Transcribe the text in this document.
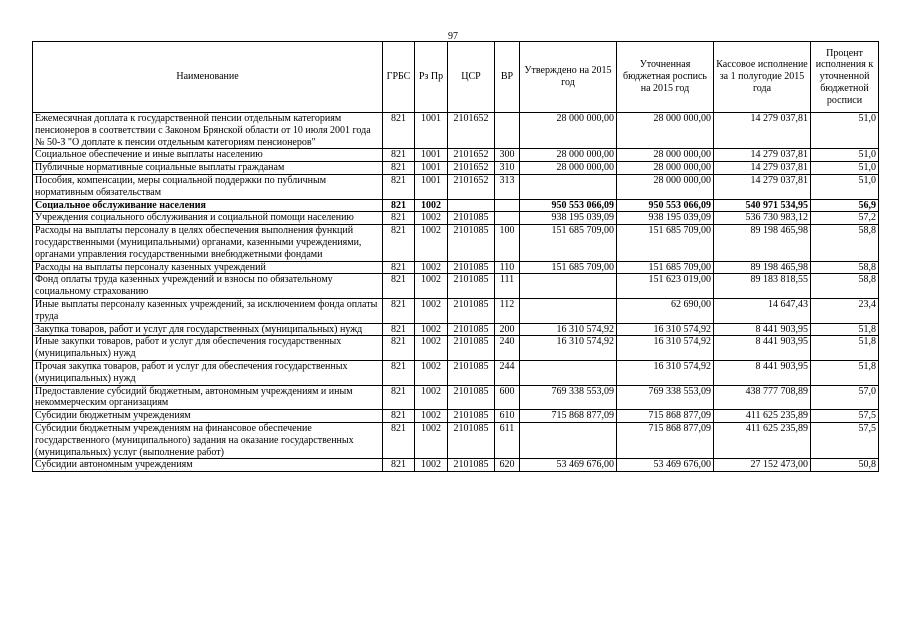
97
Наименование	ГРБС	Рз Пр	ЦСР	ВР	Утверждено на 2015 год	Уточненная бюджетная роспись на 2015 год	Кассовое исполнение за 1 полугодие 2015 года	Процент исполнения к уточненной бюджетной росписи
Ежемесячная доплата к государственной пенсии отдельным категориям пенсионеров в соответствии с Законом Брянской области от 10 июля 2001 года № 50-З "О доплате к пенсии отдельным категориям пенсионеров"	821	1001	2101652		28 000 000,00	28 000 000,00	14 279 037,81	51,0
Социальное обеспечение и иные выплаты населению	821	1001	2101652	300	28 000 000,00	28 000 000,00	14 279 037,81	51,0
Публичные нормативные социальные выплаты гражданам	821	1001	2101652	310	28 000 000,00	28 000 000,00	14 279 037,81	51,0
Пособия, компенсации, меры социальной поддержки по публичным нормативным обязательствам	821	1001	2101652	313		28 000 000,00	14 279 037,81	51,0
Социальное обслуживание населения	821	1002			950 553 066,09	950 553 066,09	540 971 534,95	56,9
Учреждения социального обслуживания и социальной помощи населению	821	1002	2101085		938 195 039,09	938 195 039,09	536 730 983,12	57,2
Расходы на выплаты персоналу в целях обеспечения выполнения функций государственными (муниципальными) органами, казенными учреждениями, органами управления государственными внебюджетными фондами	821	1002	2101085	100	151 685 709,00	151 685 709,00	89 198 465,98	58,8
Расходы на выплаты персоналу казенных учреждений	821	1002	2101085	110	151 685 709,00	151 685 709,00	89 198 465,98	58,8
Фонд оплаты труда казенных учреждений и взносы по обязательному социальному страхованию	821	1002	2101085	111		151 623 019,00	89 183 818,55	58,8
Иные выплаты персоналу казенных учреждений, за исключением фонда оплаты труда	821	1002	2101085	112		62 690,00	14 647,43	23,4
Закупка товаров, работ и услуг для государственных (муниципальных) нужд	821	1002	2101085	200	16 310 574,92	16 310 574,92	8 441 903,95	51,8
Иные закупки товаров, работ и услуг для обеспечения государственных (муниципальных) нужд	821	1002	2101085	240	16 310 574,92	16 310 574,92	8 441 903,95	51,8
Прочая закупка товаров, работ и услуг для обеспечения государственных (муниципальных) нужд	821	1002	2101085	244		16 310 574,92	8 441 903,95	51,8
Предоставление субсидий бюджетным, автономным учреждениям и иным некоммерческим организациям	821	1002	2101085	600	769 338 553,09	769 338 553,09	438 777 708,89	57,0
Субсидии бюджетным учреждениям	821	1002	2101085	610	715 868 877,09	715 868 877,09	411 625 235,89	57,5
Субсидии бюджетным учреждениям на финансовое обеспечение государственного (муниципального) задания на оказание государственных (муниципальных) услуг (выполнение работ)	821	1002	2101085	611		715 868 877,09	411 625 235,89	57,5
Субсидии автономным учреждениям	821	1002	2101085	620	53 469 676,00	53 469 676,00	27 152 473,00	50,8
